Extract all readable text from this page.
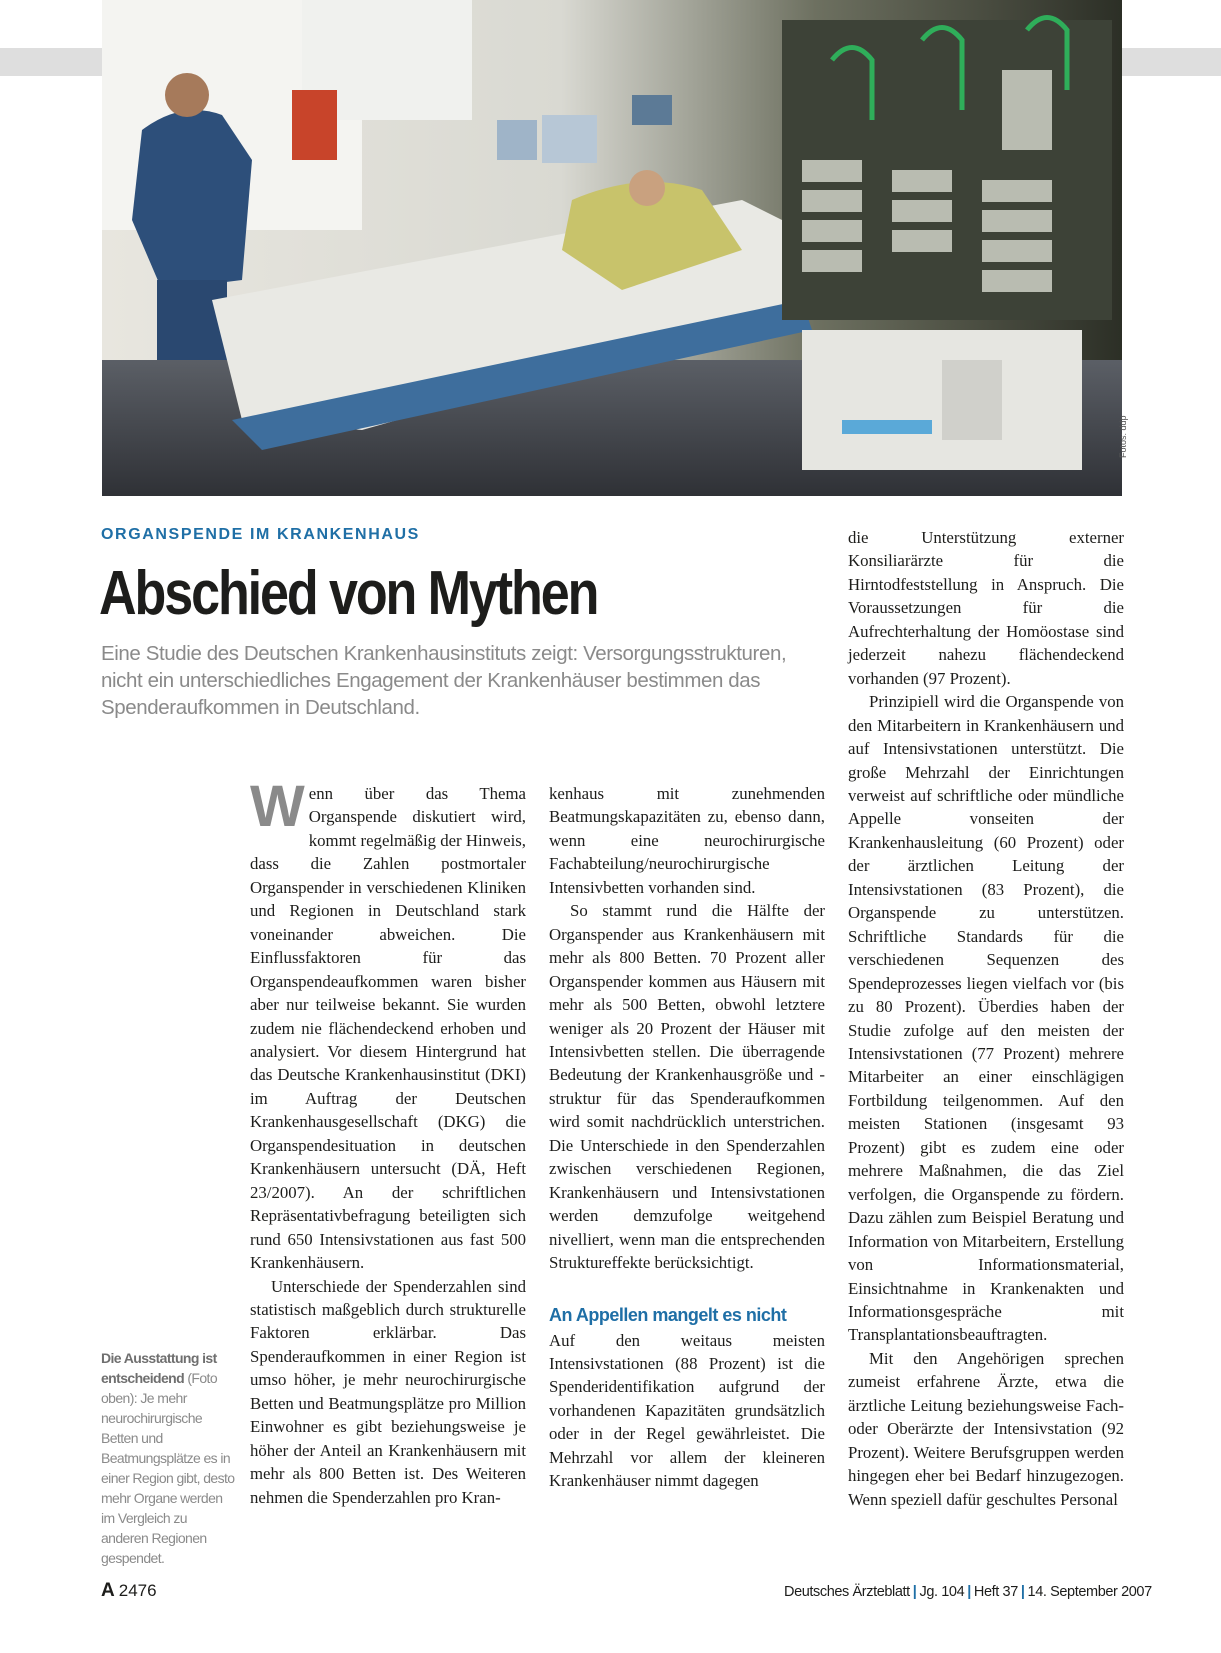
Fotos: ddp
ORGANSPENDE IM KRANKENHAUS
Abschied von Mythen
Eine Studie des Deutschen Krankenhausinstituts zeigt: Versorgungsstrukturen, nicht ein unterschiedliches Engagement der Krankenhäuser bestimmen das Spenderaufkommen in Deutschland.
Die Ausstattung ist entscheidend (Foto oben): Je mehr neurochirurgische Betten und Beatmungsplätze es in einer Region gibt, desto mehr Organe werden im Vergleich zu anderen Regionen gespendet.

Wenn über das Thema Organspende diskutiert wird, kommt regelmäßig der Hinweis, dass die Zahlen postmortaler Organspender in verschiedenen Kliniken und Regionen in Deutschland stark voneinander abweichen. Die Einflussfaktoren für das Organspendeaufkommen waren bisher aber nur teilweise bekannt. Sie wurden zudem nie flächendeckend erhoben und analysiert. Vor diesem Hintergrund hat das Deutsche Krankenhausinstitut (DKI) im Auftrag der Deutschen Krankenhausgesellschaft (DKG) die Organspendesituation in deutschen Krankenhäusern untersucht (DÄ, Heft 23/2007). An der schriftlichen Repräsentativbefragung beteiligten sich rund 650 Intensivstationen aus fast 500 Krankenhäusern.

Unterschiede der Spenderzahlen sind statistisch maßgeblich durch strukturelle Faktoren erklärbar. Das Spenderaufkommen in einer Region ist umso höher, je mehr neurochirurgische Betten und Beatmungsplätze pro Million Einwohner es gibt beziehungsweise je höher der Anteil an Krankenhäusern mit mehr als 800 Betten ist. Des Weiteren nehmen die Spenderzahlen pro Kran-

kenhaus mit zunehmenden Beatmungskapazitäten zu, ebenso dann, wenn eine neurochirurgische Fachabteilung/neurochirurgische Intensivbetten vorhanden sind.

So stammt rund die Hälfte der Organspender aus Krankenhäusern mit mehr als 800 Betten. 70 Prozent aller Organspender kommen aus Häusern mit mehr als 500 Betten, obwohl letztere weniger als 20 Prozent der Häuser mit Intensivbetten stellen. Die überragende Bedeutung der Krankenhausgröße und -struktur für das Spenderaufkommen wird somit nachdrücklich unterstrichen. Die Unterschiede in den Spenderzahlen zwischen verschiedenen Regionen, Krankenhäusern und Intensivstationen werden demzufolge weitgehend nivelliert, wenn man die entsprechenden Struktureffekte berücksichtigt.

An Appellen mangelt es nicht

Auf den weitaus meisten Intensivstationen (88 Prozent) ist die Spenderidentifikation aufgrund der vorhandenen Kapazitäten grundsätzlich oder in der Regel gewährleistet. Die Mehrzahl vor allem der kleineren Krankenhäuser nimmt dagegen

die Unterstützung externer Konsiliarärzte für die Hirntodfeststellung in Anspruch. Die Voraussetzungen für die Aufrechterhaltung der Homöostase sind jederzeit nahezu flächendeckend vorhanden (97 Prozent).

Prinzipiell wird die Organspende von den Mitarbeitern in Krankenhäusern und auf Intensivstationen unterstützt. Die große Mehrzahl der Einrichtungen verweist auf schriftliche oder mündliche Appelle vonseiten der Krankenhausleitung (60 Prozent) oder der ärztlichen Leitung der Intensivstationen (83 Prozent), die Organspende zu unterstützen. Schriftliche Standards für die verschiedenen Sequenzen des Spendeprozesses liegen vielfach vor (bis zu 80 Prozent). Überdies haben der Studie zufolge auf den meisten der Intensivstationen (77 Prozent) mehrere Mitarbeiter an einer einschlägigen Fortbildung teilgenommen. Auf den meisten Stationen (insgesamt 93 Prozent) gibt es zudem eine oder mehrere Maßnahmen, die das Ziel verfolgen, die Organspende zu fördern. Dazu zählen zum Beispiel Beratung und Information von Mitarbeitern, Erstellung von Informationsmaterial, Einsichtnahme in Krankenakten und Informationsgespräche mit Transplantationsbeauftragten.

Mit den Angehörigen sprechen zumeist erfahrene Ärzte, etwa die ärztliche Leitung beziehungsweise Fach- oder Oberärzte der Intensivstation (92 Prozent). Weitere Berufsgruppen werden hingegen eher bei Bedarf hinzugezogen. Wenn speziell dafür geschultes Personal

A 2476	Deutsches Ärzteblatt | Jg. 104 | Heft 37 | 14. September 2007
